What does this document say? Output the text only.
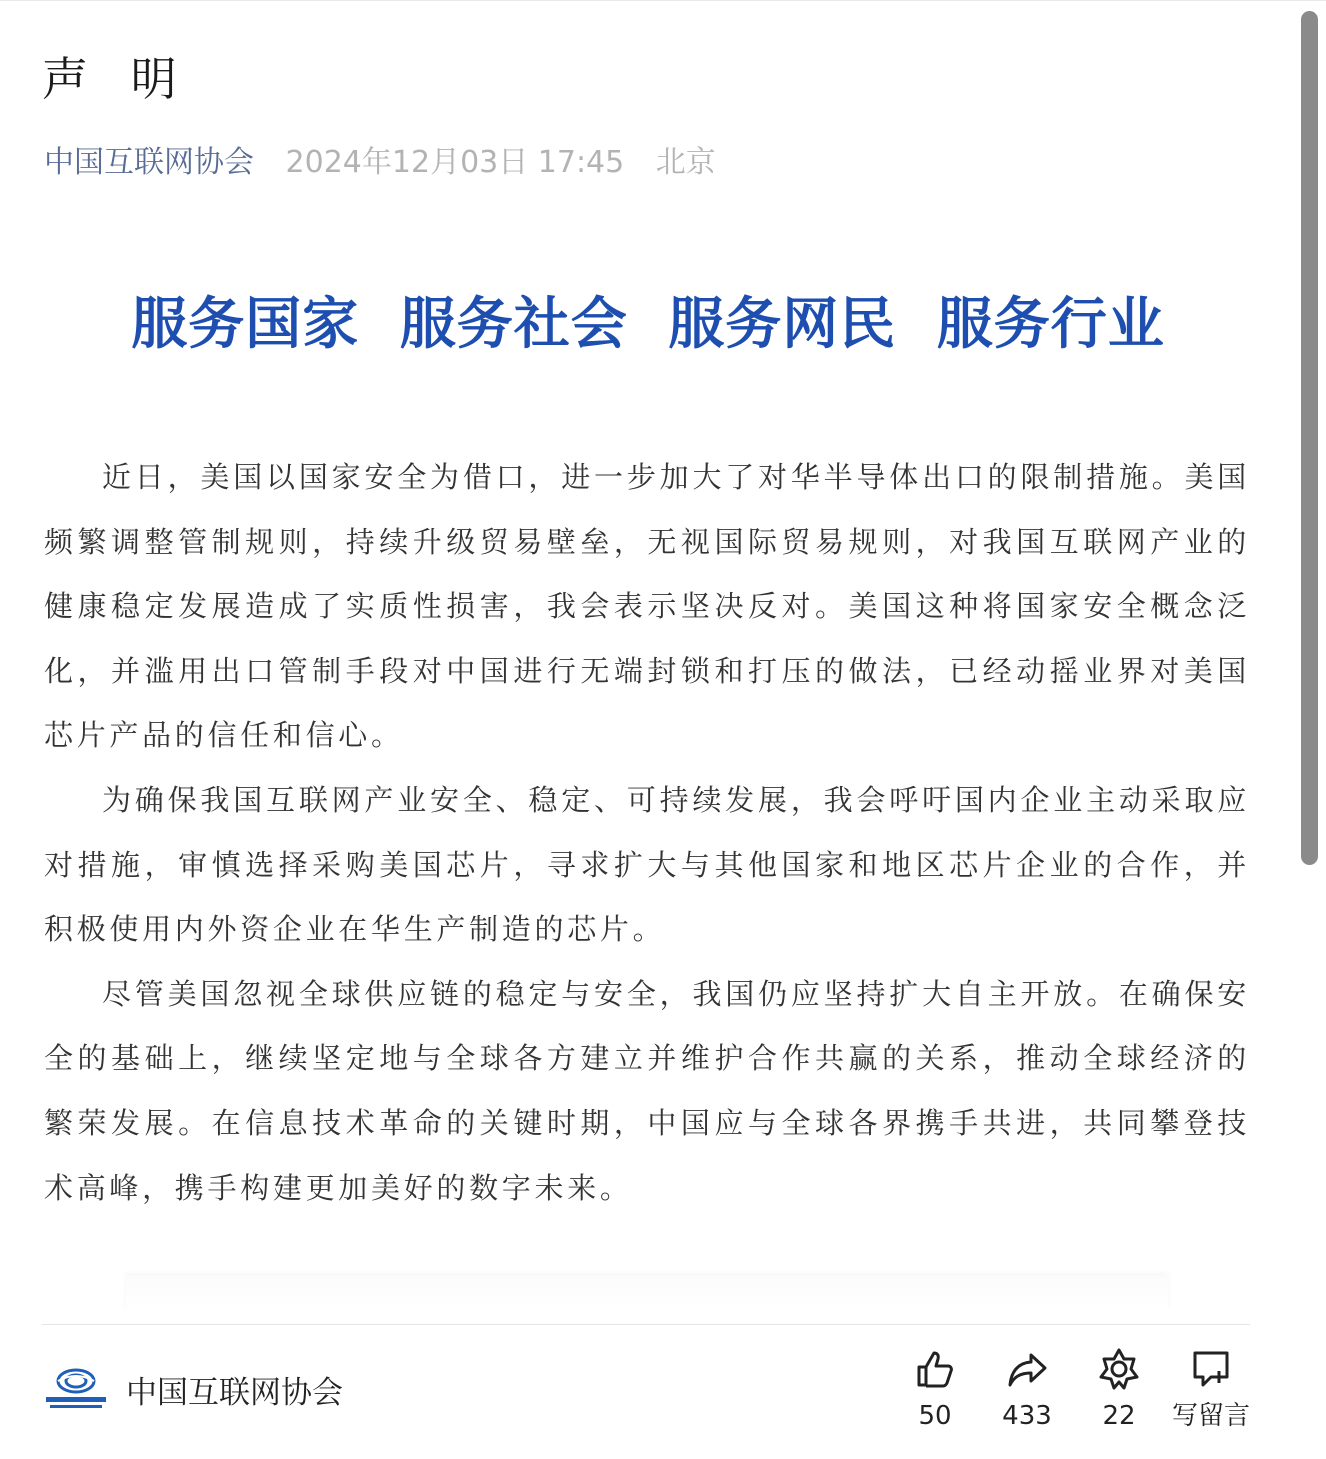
声 明
中国互联网协会 2024年12月03日 17:45 北京
服务国家 服务社会 服务网民 服务行业

近日，美国以国家安全为借口，进一步加大了对华半导体出口的限制措施。美国频繁调整管制规则，持续升级贸易壁垒，无视国际贸易规则，对我国互联网产业的健康稳定发展造成了实质性损害，我会表示坚决反对。美国这种将国家安全概念泛化，并滥用出口管制手段对中国进行无端封锁和打压的做法，已经动摇业界对美国芯片产品的信任和信心。

为确保我国互联网产业安全、稳定、可持续发展，我会呼吁国内企业主动采取应对措施，审慎选择采购美国芯片，寻求扩大与其他国家和地区芯片企业的合作，并积极使用内外资企业在华生产制造的芯片。

尽管美国忽视全球供应链的稳定与安全，我国仍应坚持扩大自主开放。在确保安全的基础上，继续坚定地与全球各方建立并维护合作共赢的关系，推动全球经济的繁荣发展。在信息技术革命的关键时期，中国应与全球各界携手共进，共同攀登技术高峰，携手构建更加美好的数字未来。

中国互联网协会
50	433	22	写留言
